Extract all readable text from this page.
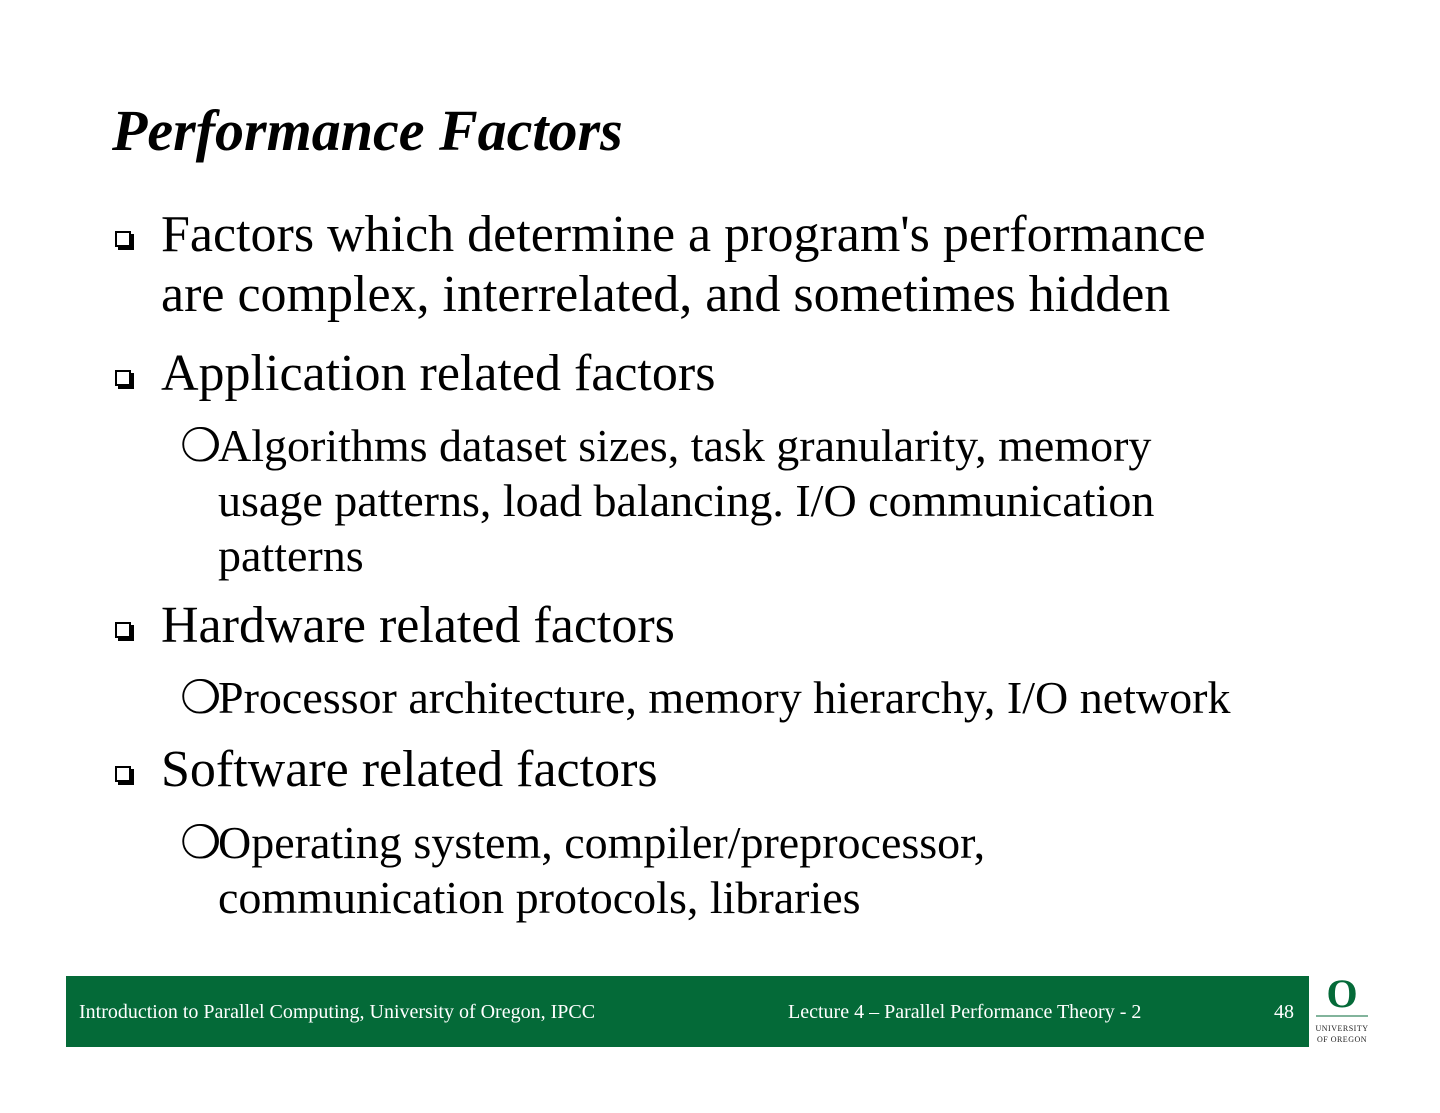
Performance Factors
Factors which determine a program's performance
are complex, interrelated, and sometimes hidden
Application related factors
❍
Algorithms dataset sizes, task granularity, memory
usage patterns, load balancing. I/O communication
patterns
Hardware related factors
❍
Processor architecture, memory hierarchy, I/O network
Software related factors
❍
Operating system, compiler/preprocessor,
communication protocols, libraries
Introduction to Parallel Computing, University of Oregon, IPCC	Lecture 4 – Parallel Performance Theory - 2	48 O
UNIVERSITY
OF OREGON
